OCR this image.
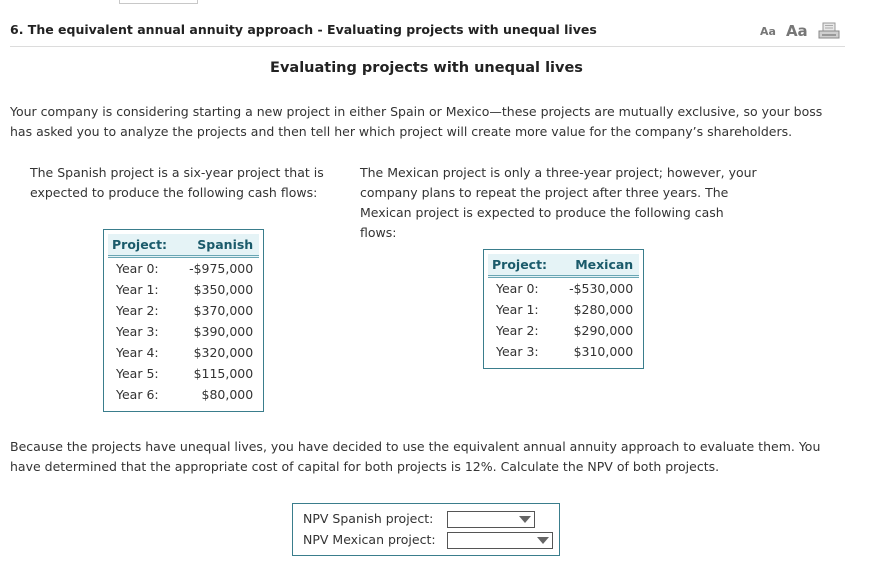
6. The equivalent annual annuity approach - Evaluating projects with unequal lives	Aa Aa
Evaluating projects with unequal lives
Your company is considering starting a new project in either Spain or Mexico—these projects are mutually exclusive, so your boss has asked you to analyze the projects and then tell her which project will create more value for the company’s shareholders.
The Spanish project is a six-year project that is expected to produce the following cash flows:
The Mexican project is only a three-year project; however, your company plans to repeat the project after three years. The Mexican project is expected to produce the following cash flows:
Project:	Spanish
Year 0:	-$975,000
Year 1:	$350,000
Year 2:	$370,000
Year 3:	$390,000
Year 4:	$320,000
Year 5:	$115,000
Year 6:	$80,000
Project:	Mexican
Year 0:	-$530,000
Year 1:	$280,000
Year 2:	$290,000
Year 3:	$310,000
Because the projects have unequal lives, you have decided to use the equivalent annual annuity approach to evaluate them. You have determined that the appropriate cost of capital for both projects is 12%. Calculate the NPV of both projects.
NPV Spanish project:
NPV Mexican project:
